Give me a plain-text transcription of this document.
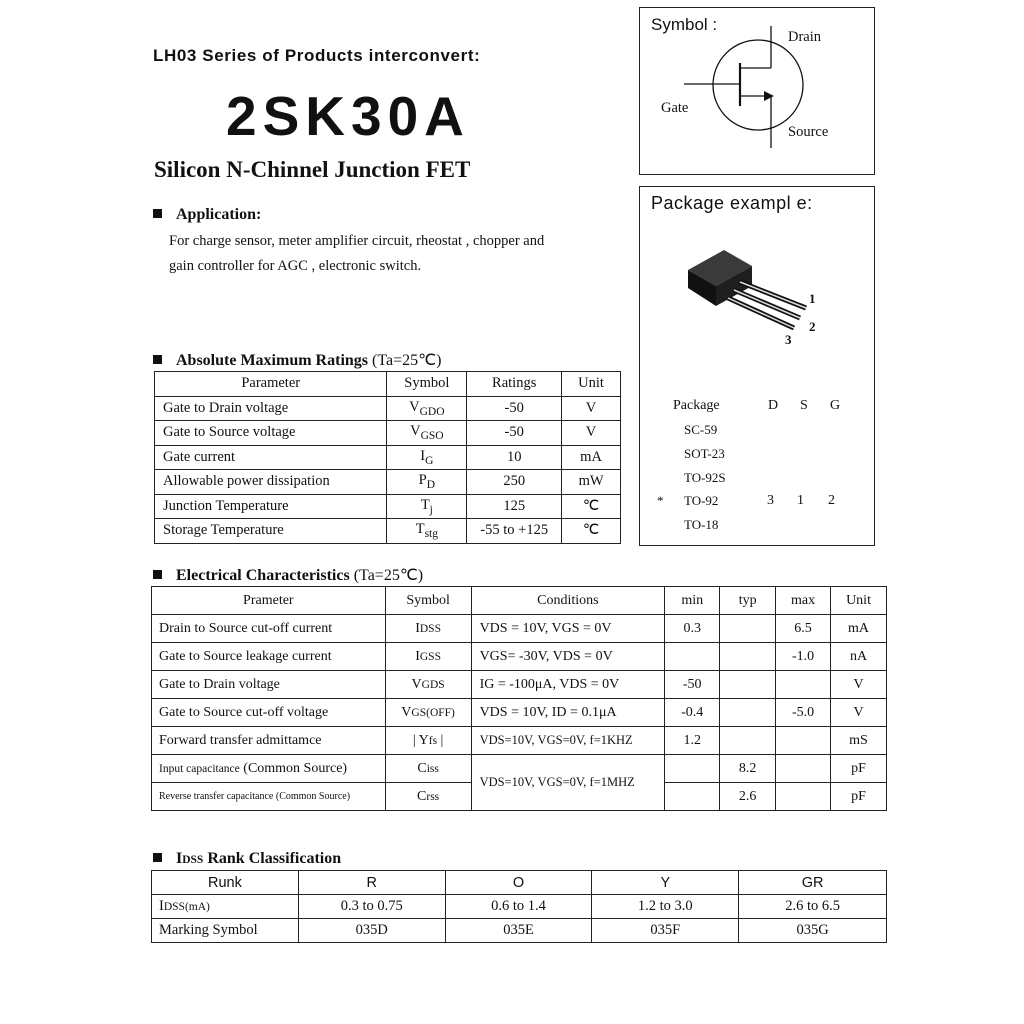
LH03 Series of Products interconvert:
2SK30A
Silicon N-Chinnel Junction FET
Application:
For charge sensor, meter amplifier circuit, rheostat , chopper and
gain controller for AGC , electronic switch.
Absolute Maximum Ratings (Ta=25℃)
Parameter	Symbol	Ratings	Unit
Gate to Drain voltage	$V_{GDO}$	-50	V
Gate to Source voltage	$V_{GSO}$	-50	V
Gate current	$I_G$	10	mA
Allowable power dissipation	$P_D$	250	mW
Junction Temperature	$T_j$	125	℃
Storage Temperature	$T_{stg}$	-55 to +125	℃
Electrical Characteristics (Ta=25℃)
Prameter	Symbol	Conditions	min	typ	max	Unit
Drain to Source cut-off current	IDSS	VDS = 10V, VGS = 0V	0.3		6.5	mA
Gate to Source leakage current	IGSS	VGS= -30V, VDS = 0V			-1.0	nA
Gate to Drain voltage	VGDS	IG = -100μA, VDS = 0V	-50			V
Gate to Source cut-off voltage	VGS(OFF)	VDS = 10V, ID = 0.1μA	-0.4		-5.0	V
Forward transfer admittamce	| Yfs |	VDS=10V, VGS=0V, f=1KHZ	1.2			mS
Input capacitance (Common Source)	Ciss	VDS=10V, VGS=0V, f=1MHZ		8.2		pF
Reverse transfer capacitance (Common Source)	Crss			2.6		pF
IDSS Rank Classification
Runk	R	O	Y	GR
IDSS(mA)	0.3 to 0.75	0.6 to 1.4	1.2 to 3.0	2.6 to 6.5
Marking Symbol	035D	035E	035F	035G
Symbol :
Drain
Gate
Source
Package exampl e:
1
2
3
Package	D S G
SC-59
SOT-23
TO-92S
* TO-92	3 1 2
TO-18
